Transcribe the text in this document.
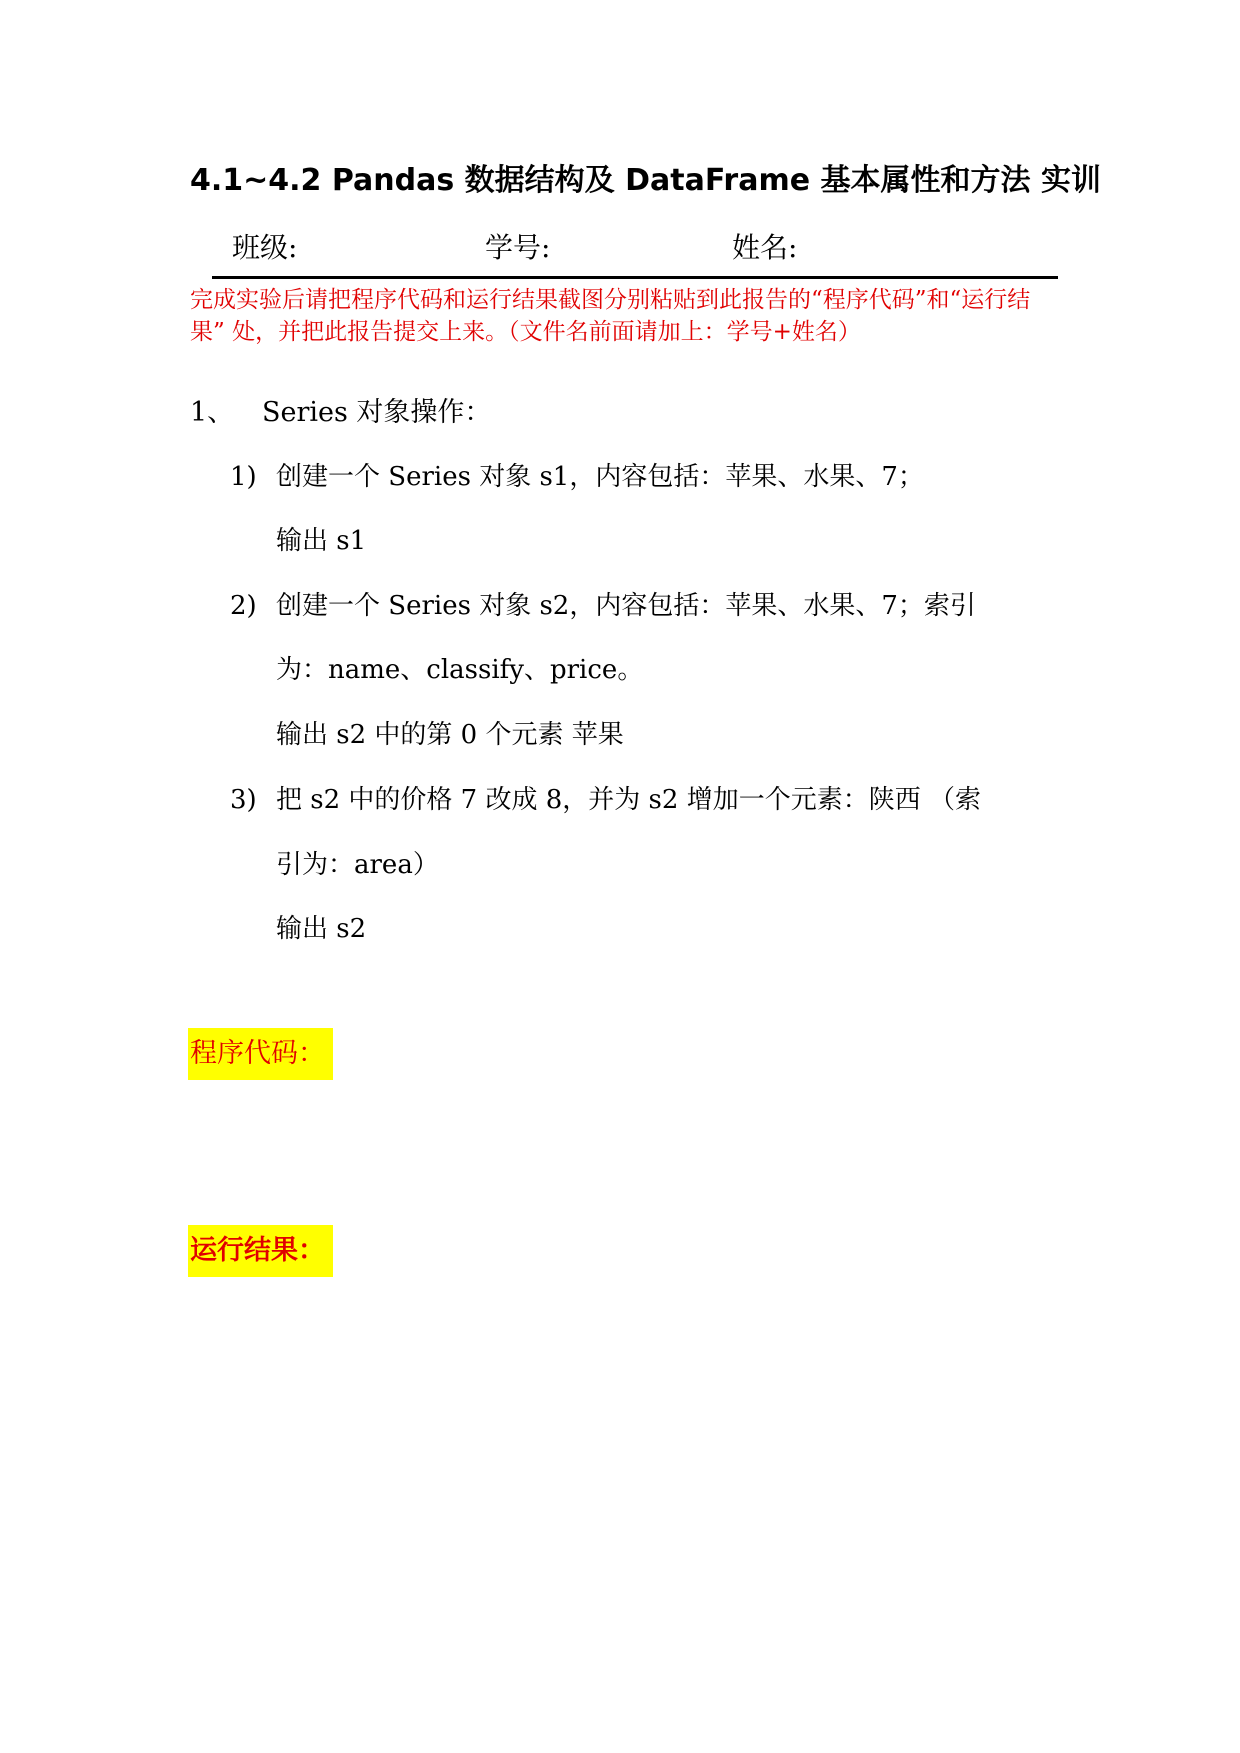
4.1~4.2 Pandas 数据结构及 DataFrame 基本属性和方法 实训
班级:	学号:	姓名:
完成实验后请把程序代码和运行结果截图分别粘贴到此报告的“程序代码”和“运行结果” 处，并把此报告提交上来。（文件名前面请加上：学号+姓名）
1、 Series 对象操作：
1) 创建一个 Series 对象 s1，内容包括：苹果、水果、7；
输出 s1
2) 创建一个 Series 对象 s2，内容包括：苹果、水果、7；索引
为：name、classify、price。
输出 s2 中的第 0 个元素 苹果
3) 把 s2 中的价格 7 改成 8，并为 s2 增加一个元素：陕西 （索
引为：area）
输出 s2
程序代码：
运行结果：
